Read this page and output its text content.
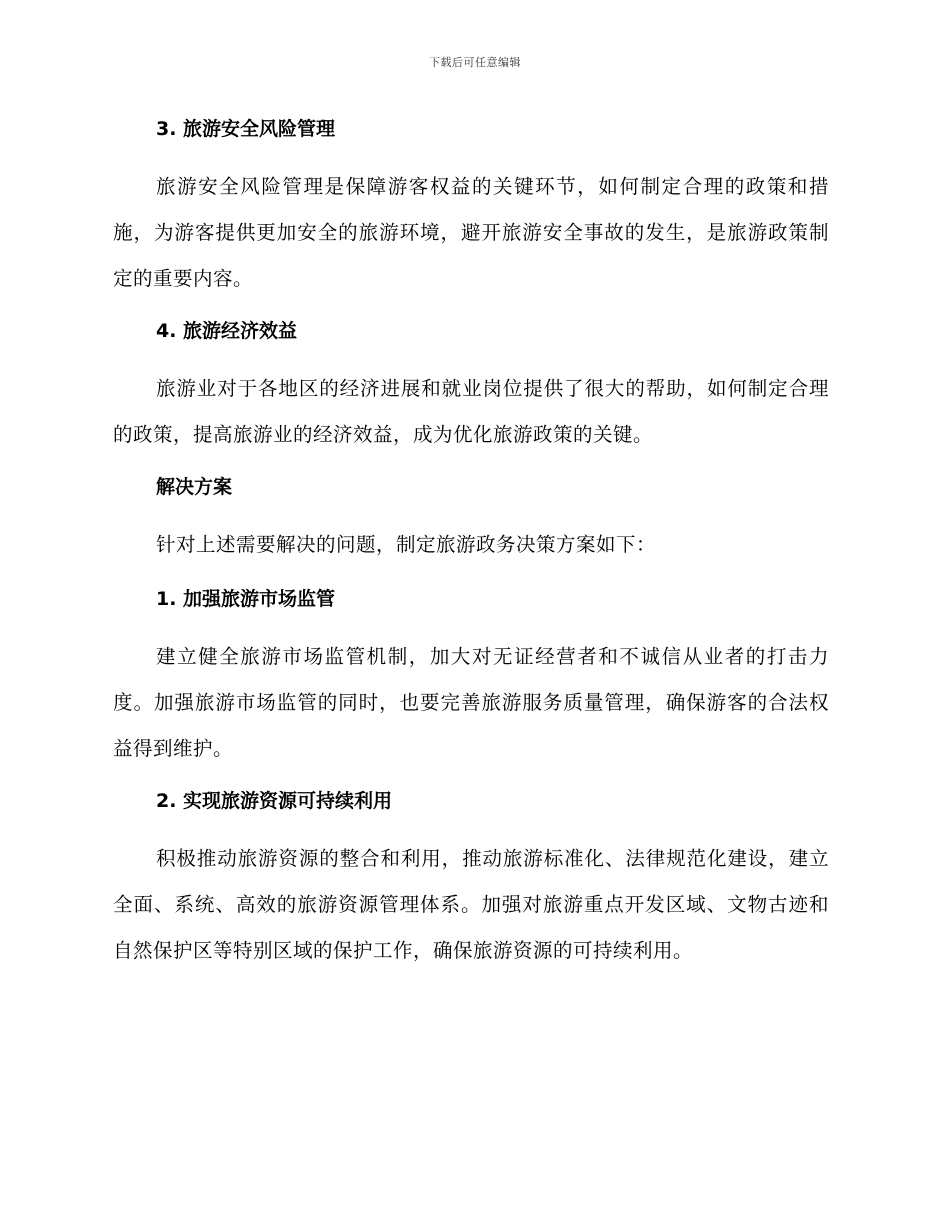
下载后可任意编辑
3. 旅游安全风险管理

旅游安全风险管理是保障游客权益的关键环节，如何制定合理的政策和措施，为游客提供更加安全的旅游环境，避开旅游安全事故的发生，是旅游政策制定的重要内容。

4. 旅游经济效益

旅游业对于各地区的经济进展和就业岗位提供了很大的帮助，如何制定合理的政策，提高旅游业的经济效益，成为优化旅游政策的关键。

解决方案

针对上述需要解决的问题，制定旅游政务决策方案如下：

1. 加强旅游市场监管

建立健全旅游市场监管机制，加大对无证经营者和不诚信从业者的打击力度。加强旅游市场监管的同时，也要完善旅游服务质量管理，确保游客的合法权益得到维护。

2. 实现旅游资源可持续利用

积极推动旅游资源的整合和利用，推动旅游标准化、法律规范化建设，建立全面、系统、高效的旅游资源管理体系。加强对旅游重点开发区域、文物古迹和自然保护区等特别区域的保护工作，确保旅游资源的可持续利用。
